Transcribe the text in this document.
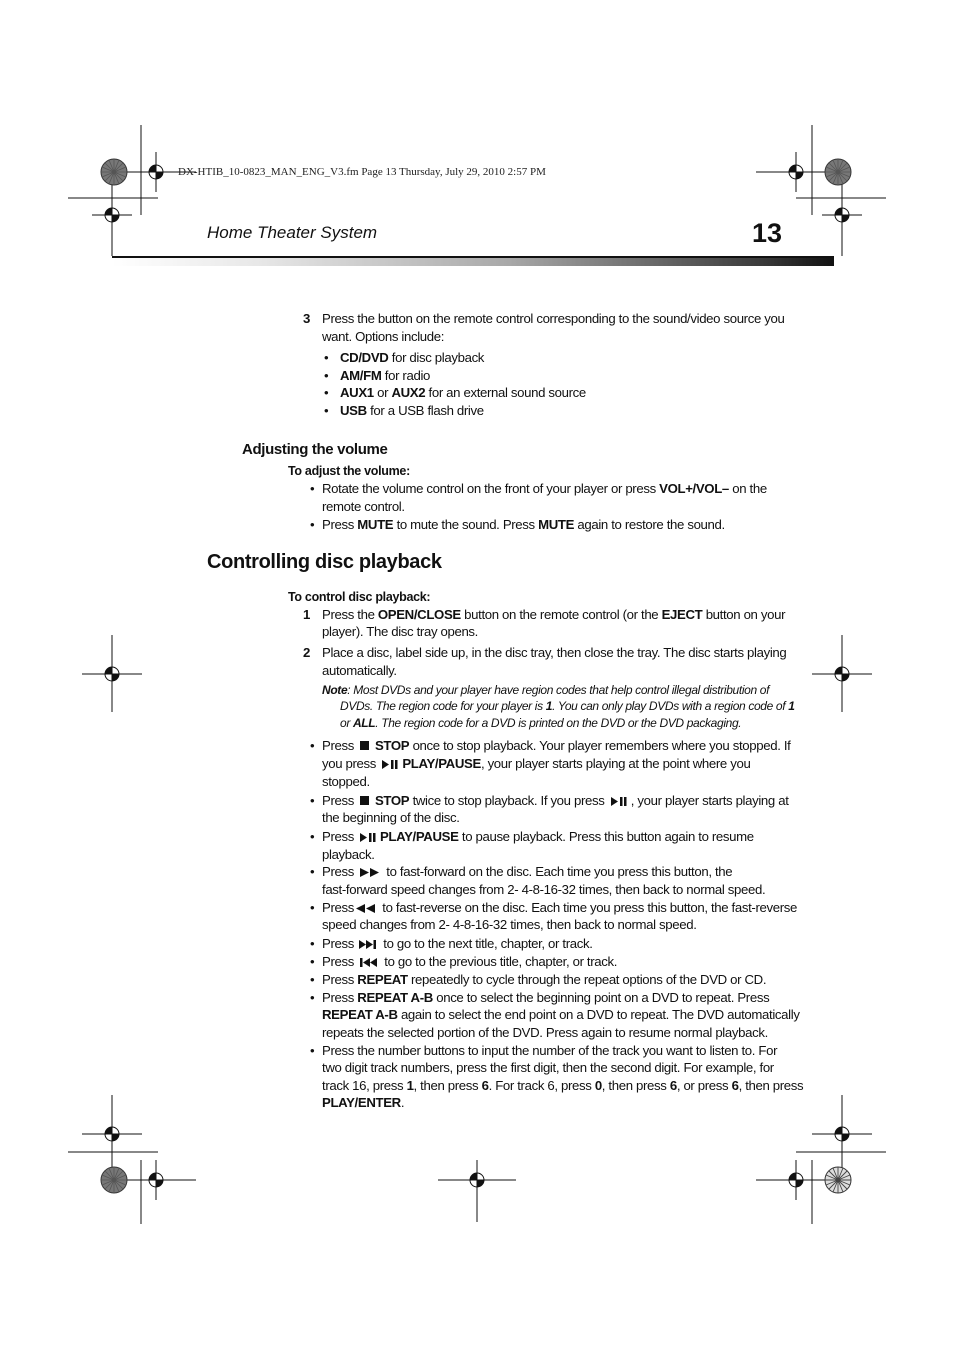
DX-HTIB_10-0823_MAN_ENG_V3.fm Page 13 Thursday, July 29, 2010 2:57 PM
Home Theater System	13
3 Press the button on the remote control corresponding to the sound/video source you
want. Options include:
• CD/DVD for disc playback
• AM/FM for radio
• AUX1 or AUX2 for an external sound source
• USB for a USB flash drive
Adjusting the volume
To adjust the volume:
• Rotate the volume control on the front of your player or press VOL+/VOL– on the
remote control.
• Press MUTE to mute the sound. Press MUTE again to restore the sound.
Controlling disc playback
To control disc playback:
1 Press the OPEN/CLOSE button on the remote control (or the EJECT button on your
player). The disc tray opens.
2 Place a disc, label side up, in the disc tray, then close the tray. The disc starts playing
automatically.
Note: Most DVDs and your player have region codes that help control illegal distribution of
DVDs. The region code for your player is 1. You can only play DVDs with a region code of 1
or ALL. The region code for a DVD is printed on the DVD or the DVD packaging.
• Press STOP once to stop playback. Your player remembers where you stopped. If
you press PLAY/PAUSE, your player starts playing at the point where you
stopped.
• Press STOP twice to stop playback. If you press , your player starts playing at
the beginning of the disc.
• Press PLAY/PAUSE to pause playback. Press this button again to resume
playback.
• Press to fast-forward on the disc. Each time you press this button, the
fast-forward speed changes from 2- 4-8-16-32 times, then back to normal speed.
• Press to fast-reverse on the disc. Each time you press this button, the fast-reverse
speed changes from 2- 4-8-16-32 times, then back to normal speed.
• Press to go to the next title, chapter, or track.
• Press to go to the previous title, chapter, or track.
• Press REPEAT repeatedly to cycle through the repeat options of the DVD or CD.
• Press REPEAT A-B once to select the beginning point on a DVD to repeat. Press
REPEAT A-B again to select the end point on a DVD to repeat. The DVD automatically
repeats the selected portion of the DVD. Press again to resume normal playback.
• Press the number buttons to input the number of the track you want to listen to. For
two digit track numbers, press the first digit, then the second digit. For example, for
track 16, press 1, then press 6. For track 6, press 0, then press 6, or press 6, then press
PLAY/ENTER.
